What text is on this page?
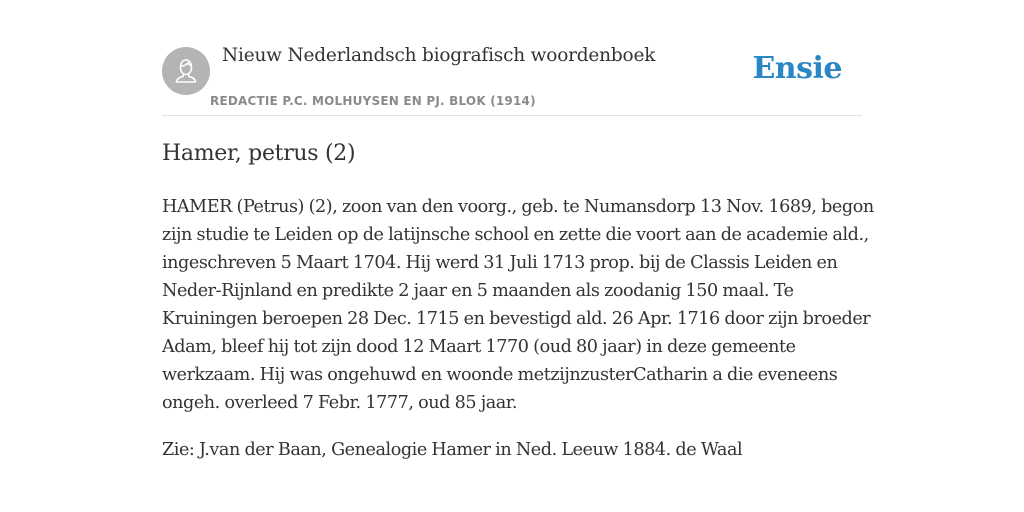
Nieuw Nederlandsch biografisch woordenboek
REDACTIE P.C. MOLHUYSEN EN PJ. BLOK (1914)
Ensie
Hamer, petrus (2)

HAMER (Petrus) (2), zoon van den voorg., geb. te Numansdorp 13 Nov. 1689, begon zijn studie te Leiden op de latijnsche school en zette die voort aan de academie ald., ingeschreven 5 Maart 1704. Hij werd 31 Juli 1713 prop. bij de Classis Leiden en Neder-Rijnland en predikte 2 jaar en 5 maanden als zoodanig 150 maal. Te Kruiningen beroepen 28 Dec. 1715 en bevestigd ald. 26 Apr. 1716 door zijn broeder Adam, bleef hij tot zijn dood 12 Maart 1770 (oud 80 jaar) in deze gemeente werkzaam. Hij was ongehuwd en woonde metzijnzusterCatharin a die eveneens ongeh. overleed 7 Febr. 1777, oud 85 jaar.

Zie: J.van der Baan, Genealogie Hamer in Ned. Leeuw 1884. de Waal
